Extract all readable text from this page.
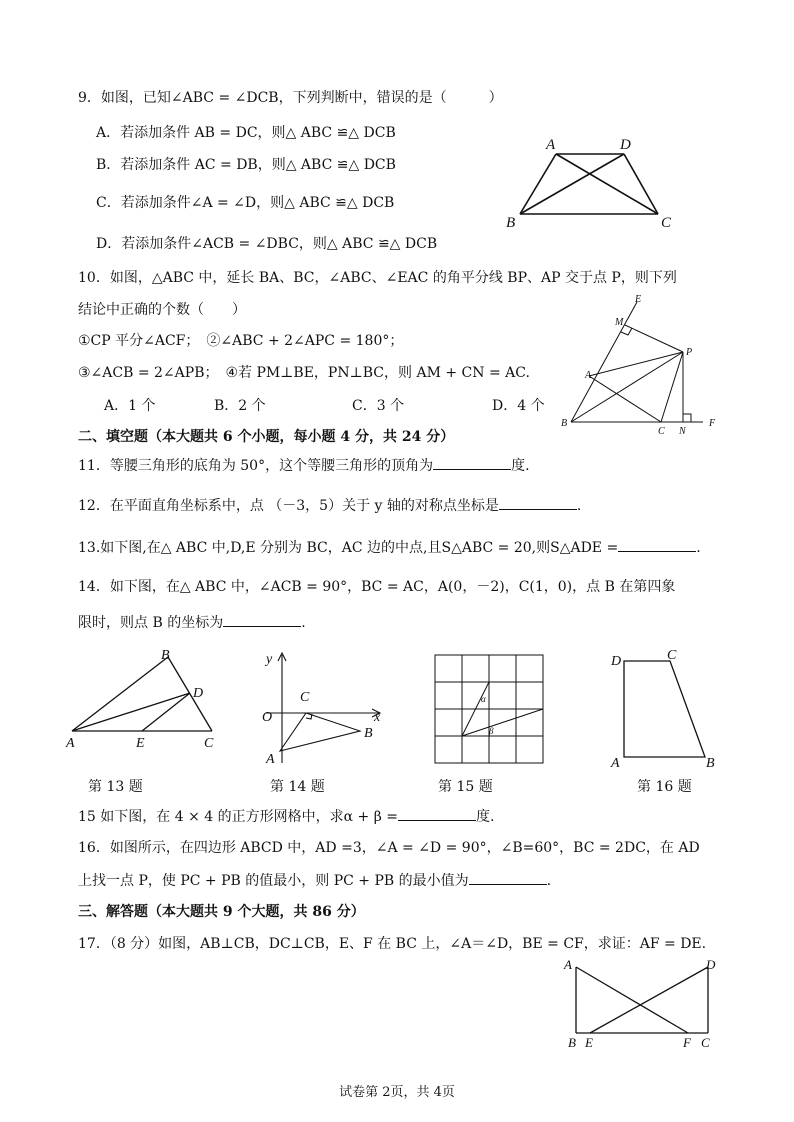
9．如图，已知∠ABC = ∠DCB，下列判断中，错误的是（　　　）
A．若添加条件 AB = DC，则△ ABC ≌△ DCB
B．若添加条件 AC = DB，则△ ABC ≌△ DCB
C．若添加条件∠A = ∠D，则△ ABC ≌△ DCB
D．若添加条件∠ACB = ∠DBC，则△ ABC ≌△ DCB
A	D
B	C
10．如图，△ABC 中，延长 BA、BC，∠ABC、∠EAC 的角平分线 BP、AP 交于点 P，则下列
结论中正确的个数（　　）
①CP 平分∠ACF；　②∠ABC + 2∠APC = 180°；
③∠ACB = 2∠APB；　④若 PM⊥BE，PN⊥BC，则 AM + CN = AC.
A．1 个	B．2 个	C．3 个	D．4 个
E
M
P
A
B
C N
F
二、填空题（本大题共 6 个小题，每小题 4 分，共 24 分）
11．等腰三角形的底角为 50°，这个等腰三角形的顶角为	度.
12．在平面直角坐标系中，点 （－3，5）关于 y 轴的对称点坐标是	.
13.如下图,在△ ABC 中,D,E 分别为 BC，AC 边的中点,且S△ABC = 20,则S△ADE =	.
14．如下图，在△ ABC 中，∠ACB = 90°，BC = AC，A(0，－2)，C(1，0)，点 B 在第四象
限时，则点 B 的坐标为	.
B
D
A	E	C
第 13 题
y
C
O	x
A
B
第 14 题
α
β
第 15 题
D	C
A	B
第 16 题
15 如下图，在 4 × 4 的正方形网格中，求α + β =	度.
16．如图所示，在四边形 ABCD 中，AD =3，∠A = ∠D = 90°，∠B=60°，BC = 2DC，在 AD
上找一点 P，使 PC + PB 的值最小，则 PC + PB 的最小值为	.
三、解答题（本大题共 9 个大题，共 86 分）
17．（8 分）如图，AB⊥CB，DC⊥CB，E、F 在 BC 上，∠A＝∠D，BE = CF，求证：AF = DE.
A	D
B E	F C
试卷第 2页，共 4页
